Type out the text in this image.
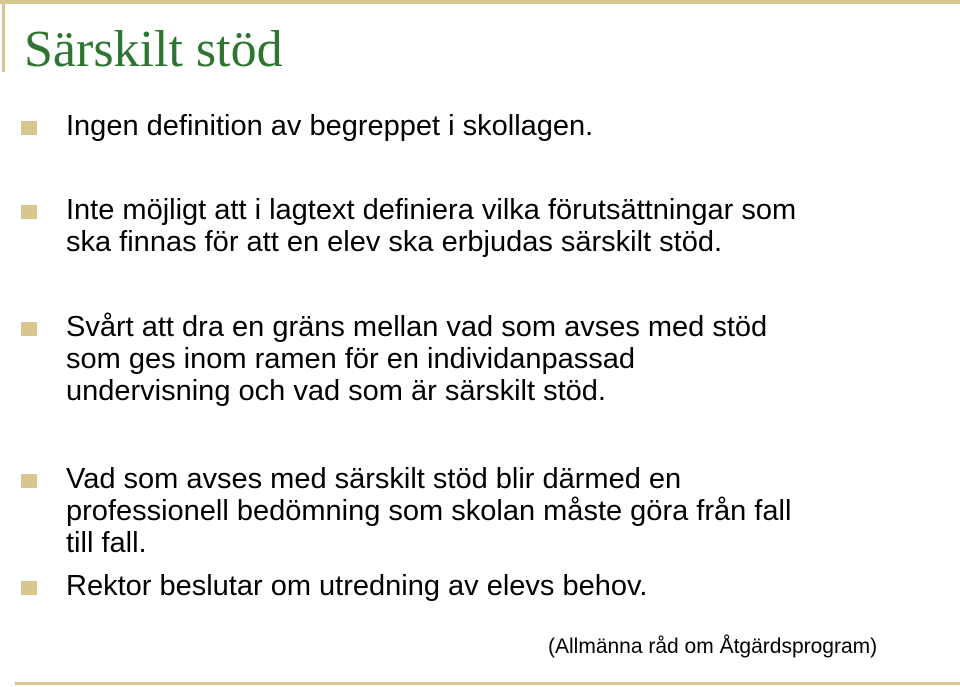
Särskilt stöd

Ingen definition av begreppet i skollagen.

Inte möjligt att i lagtext definiera vilka förutsättningar som
ska finnas för att en elev ska erbjudas särskilt stöd.

Svårt att dra en gräns mellan vad som avses med stöd
som ges inom ramen för en individanpassad
undervisning och vad som är särskilt stöd.

Vad som avses med särskilt stöd blir därmed en
professionell bedömning som skolan måste göra från fall
till fall.

Rektor beslutar om utredning av elevs behov.

(Allmänna råd om Åtgärdsprogram)
